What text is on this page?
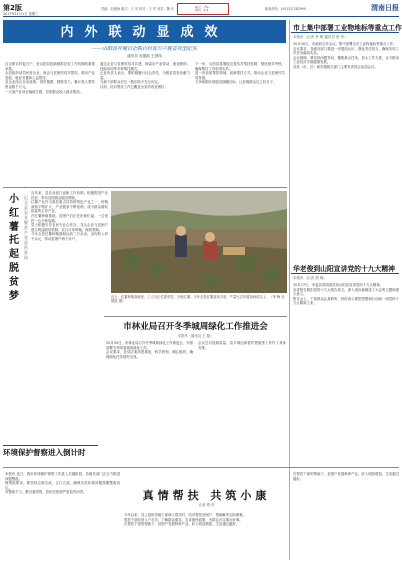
第2版
2017年11月1日 星期三
责编：赵俊海 版式：王 军 校对：王 军 视觉：魏 东	综合	新闻热线：(0913)7262999	渭南日报
内外联动显成效
——山阳县开展百企联百村促万户脱贫攻坚纪实
通讯员 吴德凯 王国伟
百企联百村促万户，是山阳县创新精准扶贫工作机制的重要举措。
全县组织动员民营企业、商会与贫困村结对帮扶，推动产业发展、就业安置和公益帮扶。
各企业结合自身优势，因村施策，精准发力，累计投入帮扶资金数千万元。
一大批产业项目落地生根，贫困群众收入稳步提高。
通过企业与贫困村结对共建，探索出产业带动、就业吸纳、技能培训等多种帮扶模式。
企业负责人表示，要积极履行社会责任，为脱贫攻坚贡献力量。
当地干部群众对这一做法给予充分肯定。
目前，结对帮扶工作已覆盖全县所有贫困村。
下一步，山阳县将继续完善结对帮扶机制，强化督导考核，确保帮扶工作取得实效。
进一步拓宽帮扶领域，创新帮扶方式，推动企业与贫困村共同发展。
力争如期实现脱贫摘帽目标，让贫困群众过上好日子。
市上集中部署工业物地标等重点工作
本报讯（记者 李 明 通讯员 张 华）
10月30日，市政府召开会议，集中部署全市工业物地标等重点工作。
会议要求，各级各部门要进一步提高认识，强化责任担当，确保各项工作任务落到实处。
会议强调，要坚持问题导向，聚焦重点任务，加大工作力度，全力推动工业经济平稳健康发展。
各县（市、区）和市级相关部门主要负责同志参加会议。
华老俊到山阳宣讲党的十九大精神
本报讯（记者 胡 明）
10月27日，市委宣讲团成员到山阳县宣讲党的十九大精神。
宣讲报告紧扣党的十九大报告原文，深入浅出地阐述了大会的主题和重大意义。
报告会上，干部群众认真聆听，纷纷表示要把思想和行动统一到党的十九大精神上来。
小
红
薯
托
起
脱
贫
梦
记
全
县
农
业
脱
贫
产
业
县
扶
贫
局
近年来，县农业部门创新工作机制，积极推进产业扶贫，带动贫困群众脱贫增收。
红薯产业作为我县重点扶持的特色产业之一，种植面积不断扩大，产业链条不断延伸，成为群众增收致富的主导产业。
在红薯种植基地，贫困户们正在田间忙碌，一边采挖一边分拣装箱。
县上积极引导农民专业合作社、龙头企业与贫困户建立利益联结机制，实行订单种植，保底收购。
今年全县红薯种植面积达到三万余亩，亩均收入四千余元，带动贫困户两千余户。
近日，红薯种植基地里，工人们正忙着采挖、分拣红薯。今年全县红薯喜获丰收，产量比去年增加两成以上。（李 梅 吴德凯 摄）
市林业局召开冬季城周绿化工作推进会
本报讯（通讯员 王 磊）
10月30日，市林业局召开冬季城周绿化工作推进会，安排部署今冬明春城周绿化工作。
会议要求，各县区要高度重视，科学规划，精心组织，确保绿化任务按时完成。
会议还对造林质量、苗木调运和管护措施等工作作了具体安排。
环境保护督察进入倒计时
本报讯 近日，我市环境保护督察工作进入关键阶段，各级各部门正全力推进问题整改。
督察组要求，要坚持边督边改，立行立改，确保各类环境问题按期整改到位。
对整改不力、敷衍塞责的，将依法依规严肃追责问责。	真情帮扶 共筑小康
记者 胡 华
今年以来，县上组织各级干部深入帮扶村，结对帮扶贫困户，帮助解决实际困难。
帮扶干部经常入户走访，了解群众需求，宣讲惠民政策，为群众办实事办好事。
在帮扶干部的帮助下，贫困户发展种养产业，收入明显增加，生活越过越好。
在帮扶干部的帮助下，贫困户发展种养产业，收入明显增加，生活越过越好。
